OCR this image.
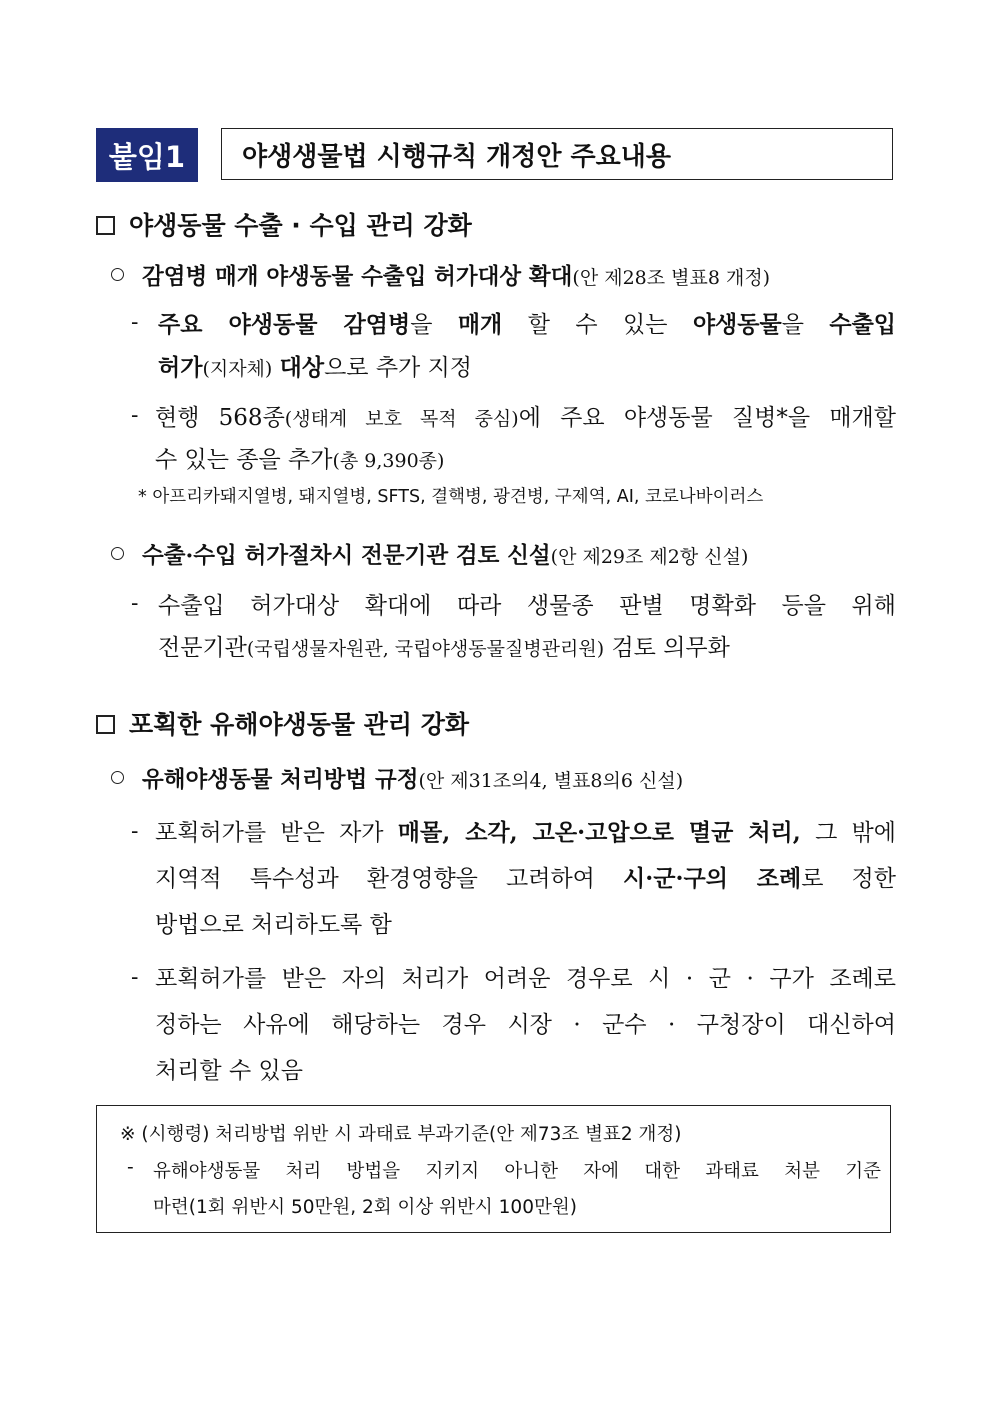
붙임1	야생생물법 시행규칙 개정안 주요내용
야생동물 수출 · 수입 관리 강화
감염병 매개 야생동물 수출입 허가대상 확대(안 제28조 별표8 개정)
- 주요 야생동물 감염병을 매개 할 수 있는 야생동물을 수출입
허가(지자체) 대상으로 추가 지정
- 현행 568종(생태계 보호 목적 중심)에 주요 야생동물 질병*을 매개할
수 있는 종을 추가(총 9,390종)
* 아프리카돼지열병, 돼지열병, SFTS, 결핵병, 광견병, 구제역, AI, 코로나바이러스
수출·수입 허가절차시 전문기관 검토 신설(안 제29조 제2항 신설)
- 수출입 허가대상 확대에 따라 생물종 판별 명확화 등을 위해
전문기관(국립생물자원관, 국립야생동물질병관리원) 검토 의무화
포획한 유해야생동물 관리 강화
유해야생동물 처리방법 규정(안 제31조의4, 별표8의6 신설)
- 포획허가를 받은 자가 매몰, 소각, 고온·고압으로 멸균 처리, 그 밖에
지역적 특수성과 환경영향을 고려하여 시·군·구의 조례로 정한
방법으로 처리하도록 함
- 포획허가를 받은 자의 처리가 어려운 경우로 시 · 군 · 구가 조례로
정하는 사유에 해당하는 경우 시장 · 군수 · 구청장이 대신하여
처리할 수 있음
※ (시행령) 처리방법 위반 시 과태료 부과기준(안 제73조 별표2 개정)
- 유해야생동물 처리 방법을 지키지 아니한 자에 대한 과태료 처분 기준
마련(1회 위반시 50만원, 2회 이상 위반시 100만원)
